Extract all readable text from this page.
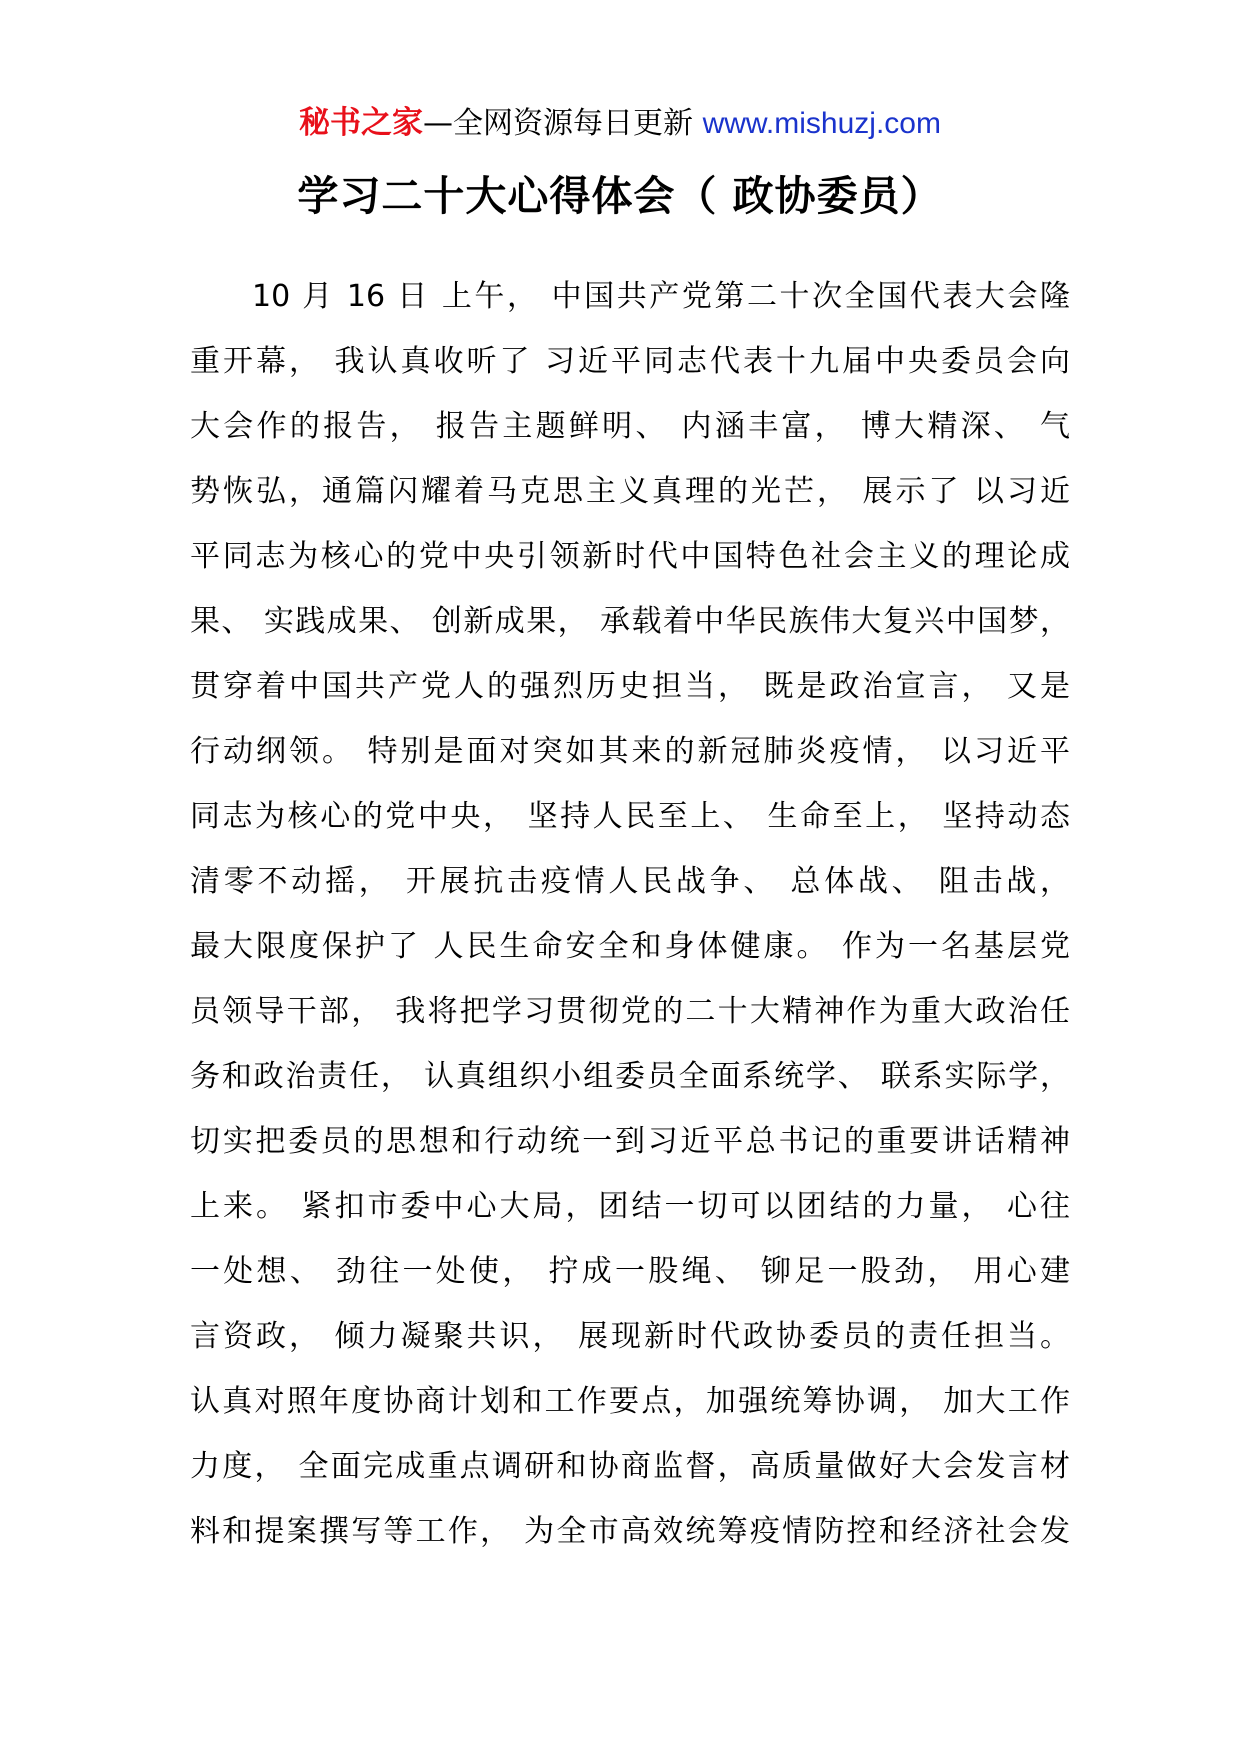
秘书之家—全网资源每日更新 www.mishuzj.com
学习二十大心得体会（ 政协委员）
10 月 16 日 上午， 中国共产党第二十次全国代表大会隆
重开幕， 我认真收听了 习近平同志代表十九届中央委员会向
大会作的报告， 报告主题鲜明、 内涵丰富， 博大精深、 气
势恢弘，通篇闪耀着马克思主义真理的光芒， 展示了 以习近
平同志为核心的党中央引领新时代中国特色社会主义的理论成
果、 实践成果、 创新成果， 承载着中华民族伟大复兴中国梦，
贯穿着中国共产党人的强烈历史担当， 既是政治宣言， 又是
行动纲领。 特别是面对突如其来的新冠肺炎疫情， 以习近平
同志为核心的党中央， 坚持人民至上、 生命至上， 坚持动态
清零不动摇， 开展抗击疫情人民战争、 总体战、 阻击战，
最大限度保护了 人民生命安全和身体健康。 作为一名基层党
员领导干部， 我将把学习贯彻党的二十大精神作为重大政治任
务和政治责任， 认真组织小组委员全面系统学、 联系实际学，
切实把委员的思想和行动统一到习近平总书记的重要讲话精神
上来。 紧扣市委中心大局，团结一切可以团结的力量， 心往
一处想、 劲往一处使， 拧成一股绳、 铆足一股劲， 用心建
言资政， 倾力凝聚共识， 展现新时代政协委员的责任担当。
认真对照年度协商计划和工作要点，加强统筹协调， 加大工作
力度， 全面完成重点调研和协商监督，高质量做好大会发言材
料和提案撰写等工作， 为全市高效统筹疫情防控和经济社会发
